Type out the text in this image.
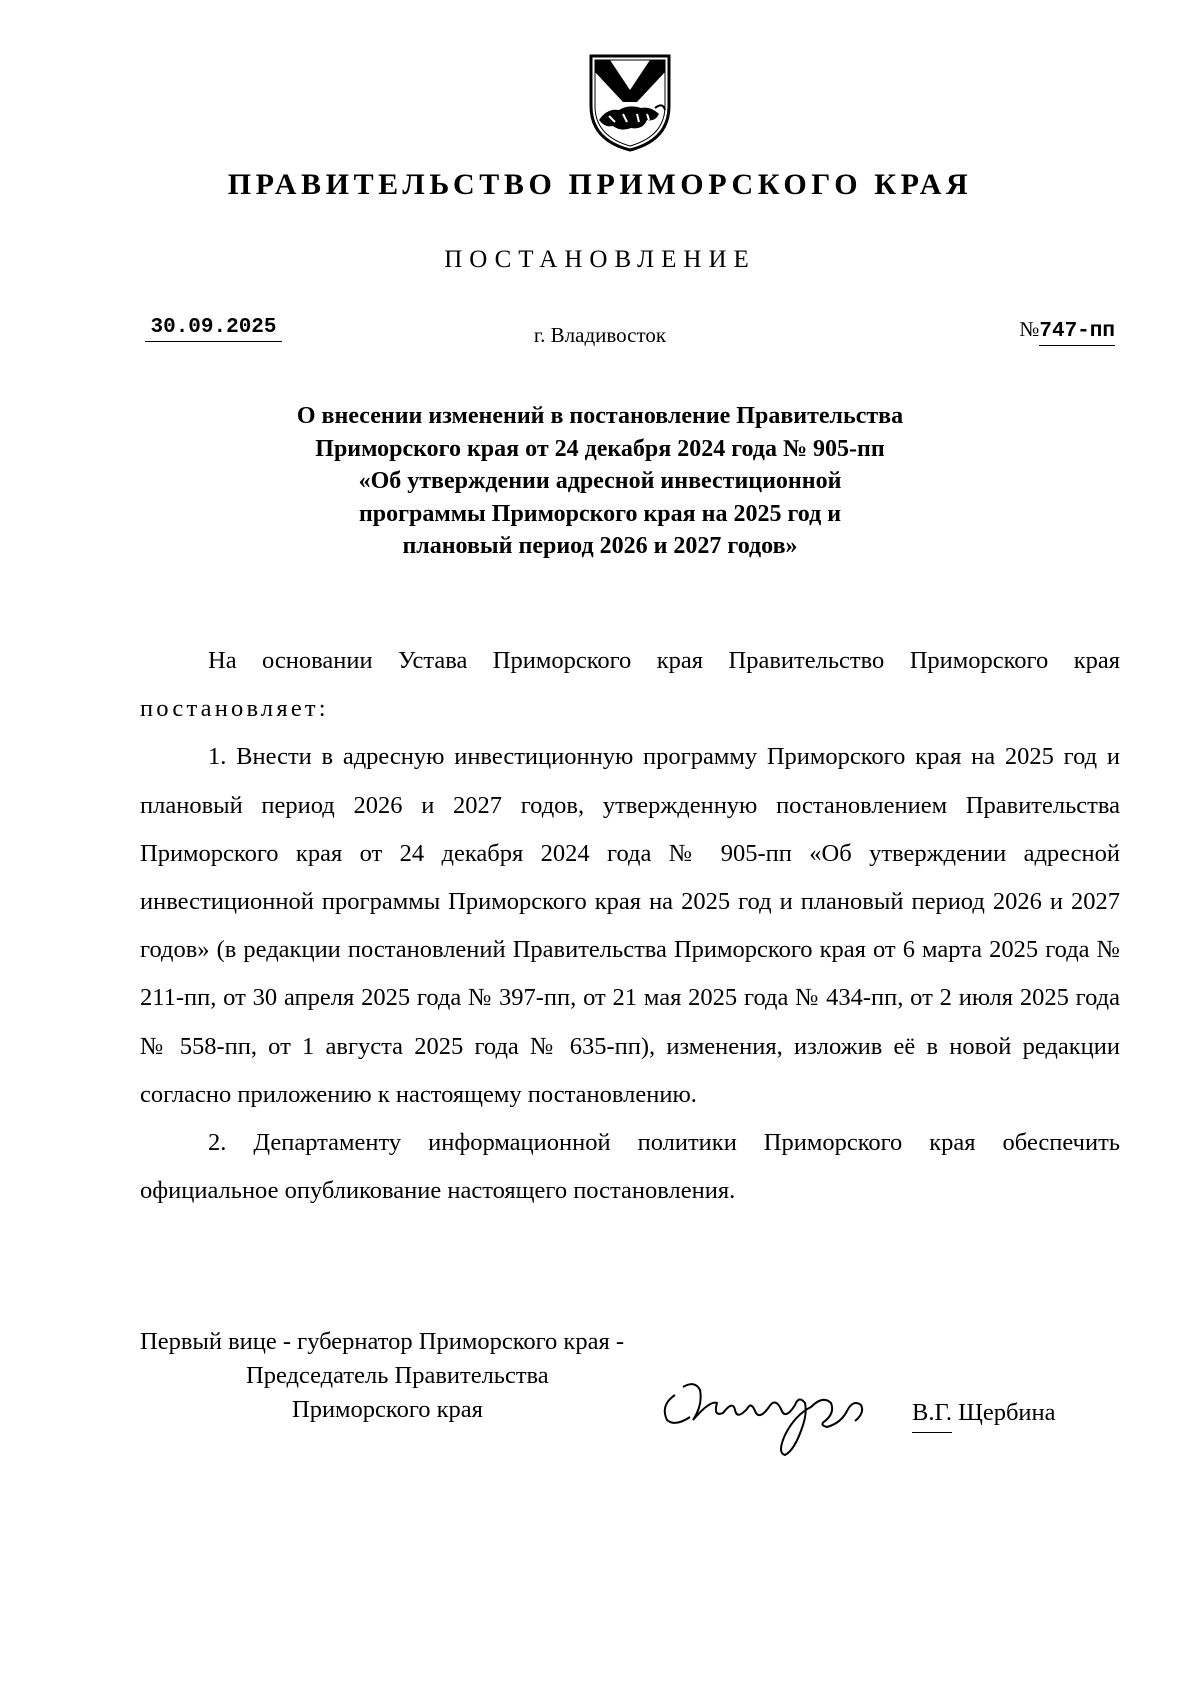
ПРАВИТЕЛЬСТВО ПРИМОРСКОГО КРАЯ
ПОСТАНОВЛЕНИЕ
30.09.2025	г. Владивосток	№747-пп
О внесении изменений в постановление Правительства
Приморского края от 24 декабря 2024 года № 905-пп
«Об утверждении адресной инвестиционной
программы Приморского края на 2025 год и
плановый период 2026 и 2027 годов»

На основании Устава Приморского края Правительство Приморского края постановляет:

1. Внести в адресную инвестиционную программу Приморского края на 2025 год и плановый период 2026 и 2027 годов, утвержденную постановлением Правительства Приморского края от 24 декабря 2024 года № 905-пп «Об утверждении адресной инвестиционной программы Приморского края на 2025 год и плановый период 2026 и 2027 годов» (в редакции постановлений Правительства Приморского края от 6 марта 2025 года № 211-пп, от 30 апреля 2025 года № 397-пп, от 21 мая 2025 года № 434-пп, от 2 июля 2025 года № 558-пп, от 1 августа 2025 года № 635-пп), изменения, изложив её в новой редакции согласно приложению к настоящему постановлению.

2. Департаменту информационной политики Приморского края обеспечить официальное опубликование настоящего постановления.

Первый вице - губернатор Приморского края -
Председатель Правительства
Приморского края	В.Г. Щербина
